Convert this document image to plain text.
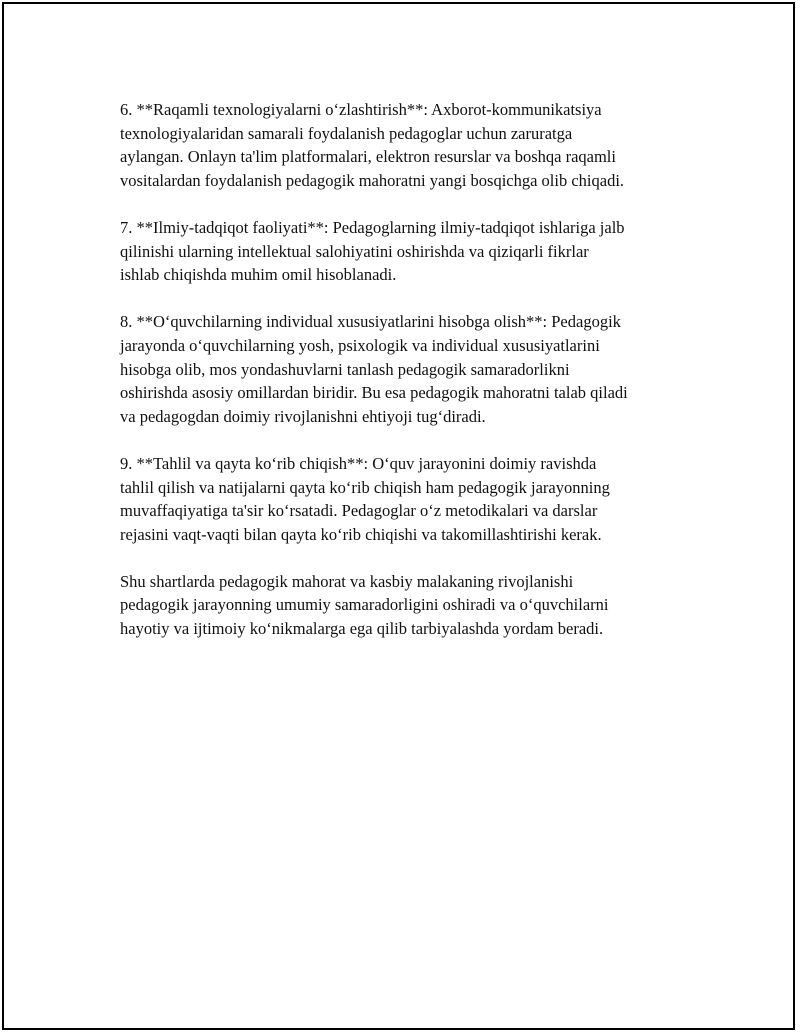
6. **Raqamli texnologiyalarni o‘zlashtirish**: Axborot-kommunikatsiya
texnologiyalaridan samarali foydalanish pedagoglar uchun zaruratga
aylangan. Onlayn ta'lim platformalari, elektron resurslar va boshqa raqamli
vositalardan foydalanish pedagogik mahoratni yangi bosqichga olib chiqadi.

7. **Ilmiy-tadqiqot faoliyati**: Pedagoglarning ilmiy-tadqiqot ishlariga jalb
qilinishi ularning intellektual salohiyatini oshirishda va qiziqarli fikrlar
ishlab chiqishda muhim omil hisoblanadi.

8. **O‘quvchilarning individual xususiyatlarini hisobga olish**: Pedagogik
jarayonda o‘quvchilarning yosh, psixologik va individual xususiyatlarini
hisobga olib, mos yondashuvlarni tanlash pedagogik samaradorlikni
oshirishda asosiy omillardan biridir. Bu esa pedagogik mahoratni talab qiladi
va pedagogdan doimiy rivojlanishni ehtiyoji tug‘diradi.

9. **Tahlil va qayta ko‘rib chiqish**: O‘quv jarayonini doimiy ravishda
tahlil qilish va natijalarni qayta ko‘rib chiqish ham pedagogik jarayonning
muvaffaqiyatiga ta'sir ko‘rsatadi. Pedagoglar o‘z metodikalari va darslar
rejasini vaqt-vaqti bilan qayta ko‘rib chiqishi va takomillashtirishi kerak.

Shu shartlarda pedagogik mahorat va kasbiy malakaning rivojlanishi
pedagogik jarayonning umumiy samaradorligini oshiradi va o‘quvchilarni
hayotiy va ijtimoiy ko‘nikmalarga ega qilib tarbiyalashda yordam beradi.
